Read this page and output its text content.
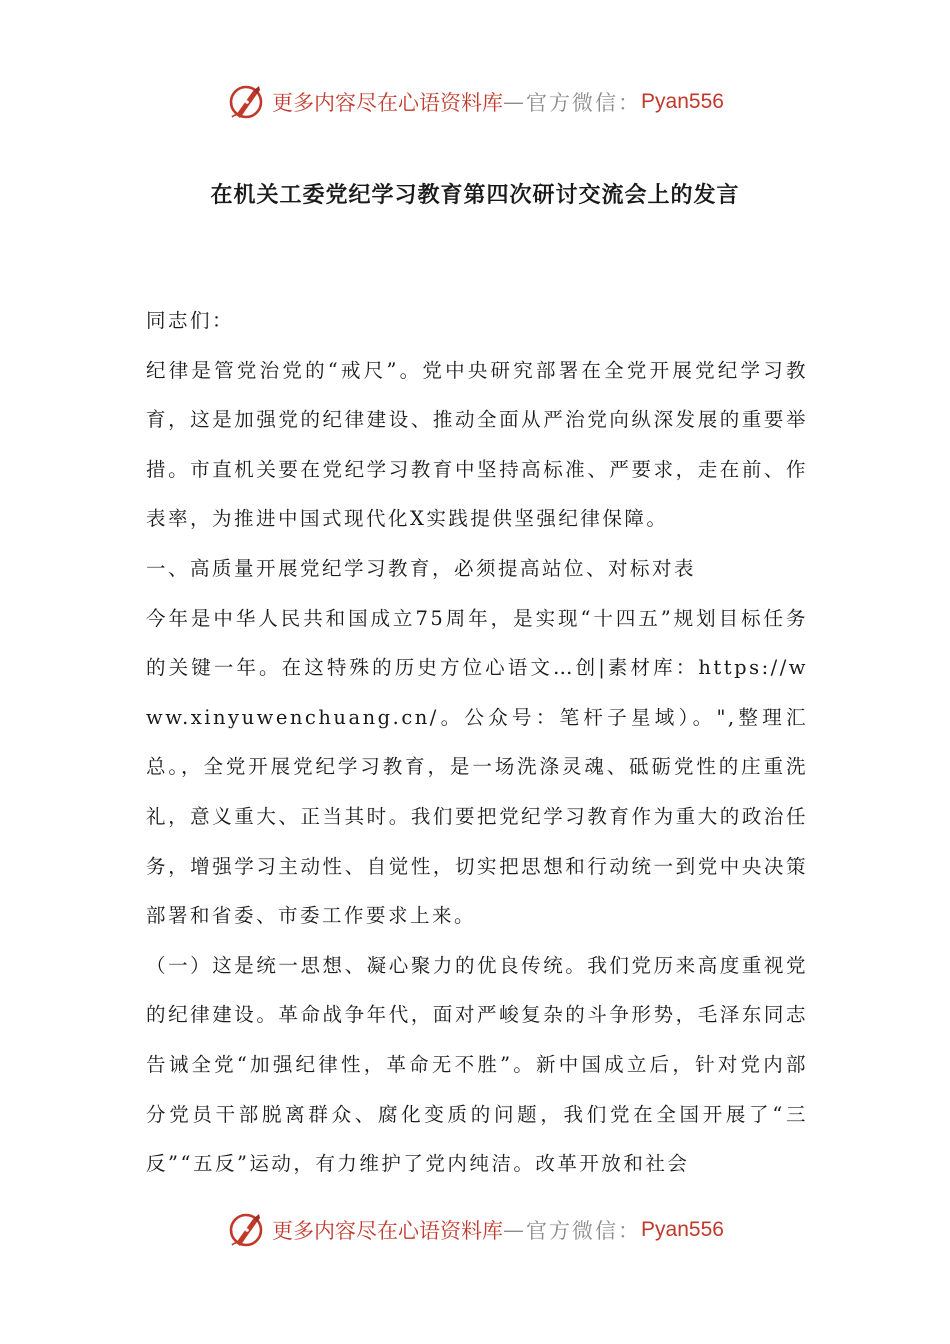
更多内容尽在心语资料库 — 官方微信： Pyan556
在机关工委党纪学习教育第四次研讨交流会上的发言

同志们：

纪律是管党治党的“戒尺”。党中央研究部署在全党开展党纪学习教育，这是加强党的纪律建设、推动全面从严治党向纵深发展的重要举措。市直机关要在党纪学习教育中坚持高标准、严要求，走在前、作表率，为推进中国式现代化X实践提供坚强纪律保障。

一、高质量开展党纪学习教育，必须提高站位、对标对表

今年是中华人民共和国成立75周年，是实现“十四五”规划目标任务的关键一年。在这特殊的历史方位心语文…创|素材库：https://www.xinyuwenchuang.cn/。公众号：笔杆子星域）。",整理汇总。，全党开展党纪学习教育，是一场洗涤灵魂、砥砺党性的庄重洗礼，意义重大、正当其时。我们要把党纪学习教育作为重大的政治任务，增强学习主动性、自觉性，切实把思想和行动统一到党中央决策部署和省委、市委工作要求上来。

（一）这是统一思想、凝心聚力的优良传统。我们党历来高度重视党的纪律建设。革命战争年代，面对严峻复杂的斗争形势，毛泽东同志告诫全党“加强纪律性，革命无不胜”。新中国成立后，针对党内部分党员干部脱离群众、腐化变质的问题，我们党在全国开展了“三反”“五反”运动，有力维护了党内纯洁。改革开放和社会

更多内容尽在心语资料库 — 官方微信： Pyan556
